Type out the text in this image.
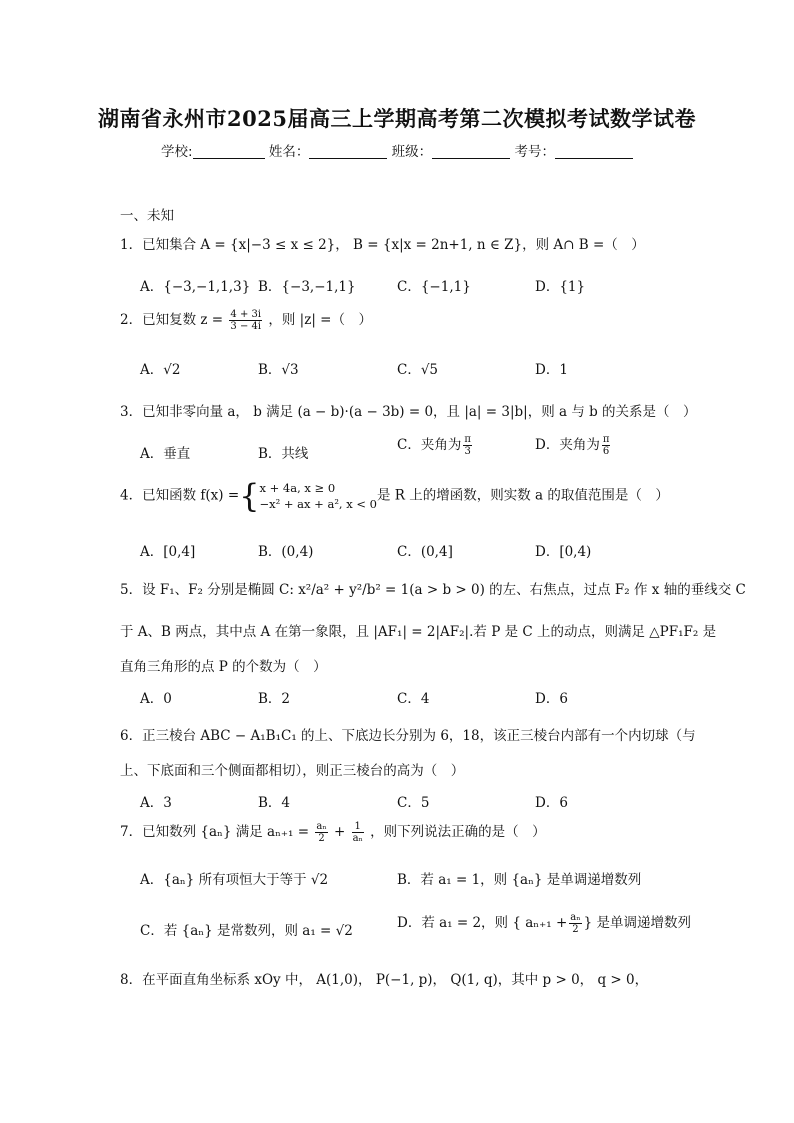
湖南省永州市2025届高三上学期高考第二次模拟考试数学试卷
学校:	姓名：	班级：	考号：
一、未知
1．已知集合 A = {x|−3 ≤ x ≤ 2}， B = {x|x = 2n+1, n ∈ Z}，则 A∩ B =（　）
A．{−3,−1,1,3} B．{−3,−1,1}	C．{−1,1}	D．{1}
2．已知复数 $z = \frac{4 + 3i}{3 - 4i}$ ，则 |z| =（　）
A．√2	B．√3	C．√5	D．1
3．已知非零向量 a， b 满足 (a − b)·(a − 3b) = 0，且 |a| = 3|b|，则 a 与 b 的关系是（　）
A．垂直	B．共线
C．夹角为 $\frac{\pi}{3}$	D．夹角为 $\frac{\pi}{6}$
4．已知函数 f(x) ={ x + 4a, x ≥ 0
−x² + ax + a², x < 0
是 R 上的增函数，则实数 a 的取值范围是（　）
A．[0,4]	B．(0,4)	C．(0,4]	D．[0,4)
5．设 F₁、F₂ 分别是椭圆 C: x²/a² + y²/b² = 1(a > b > 0) 的左、右焦点，过点 F₂ 作 x 轴的垂线交 C
于 A、B 两点，其中点 A 在第一象限，且 |AF₁| = 2|AF₂|.若 P 是 C 上的动点，则满足 △PF₁F₂ 是
直角三角形的点 P 的个数为（　）
A．0	B．2	C．4	D．6
6．正三棱台 ABC − A₁B₁C₁ 的上、下底边长分别为 6，18，该正三棱台内部有一个内切球（与
上、下底面和三个侧面都相切），则正三棱台的高为（　）
A．3	B．4	C．5	D．6
7．已知数列 {aₙ} 满足 $a_{n+1} = \frac{\text{aₙ}}{2} + \frac{1}{\text{aₙ}}$ ，则下列说法正确的是（　）
A．{aₙ} 所有项恒大于等于 √2	B．若 a₁ = 1，则 {aₙ} 是单调递增数列
C．若 {aₙ} 是常数列，则 a₁ = √2	D．若 a₁ = 2，则 { $a_{n+1} + \frac{\text{aₙ}}{2}$ } 是单调递增数列
8．在平面直角坐标系 xOy 中， A(1,0)， P(−1, p)， Q(1, q)，其中 p > 0， q > 0，
